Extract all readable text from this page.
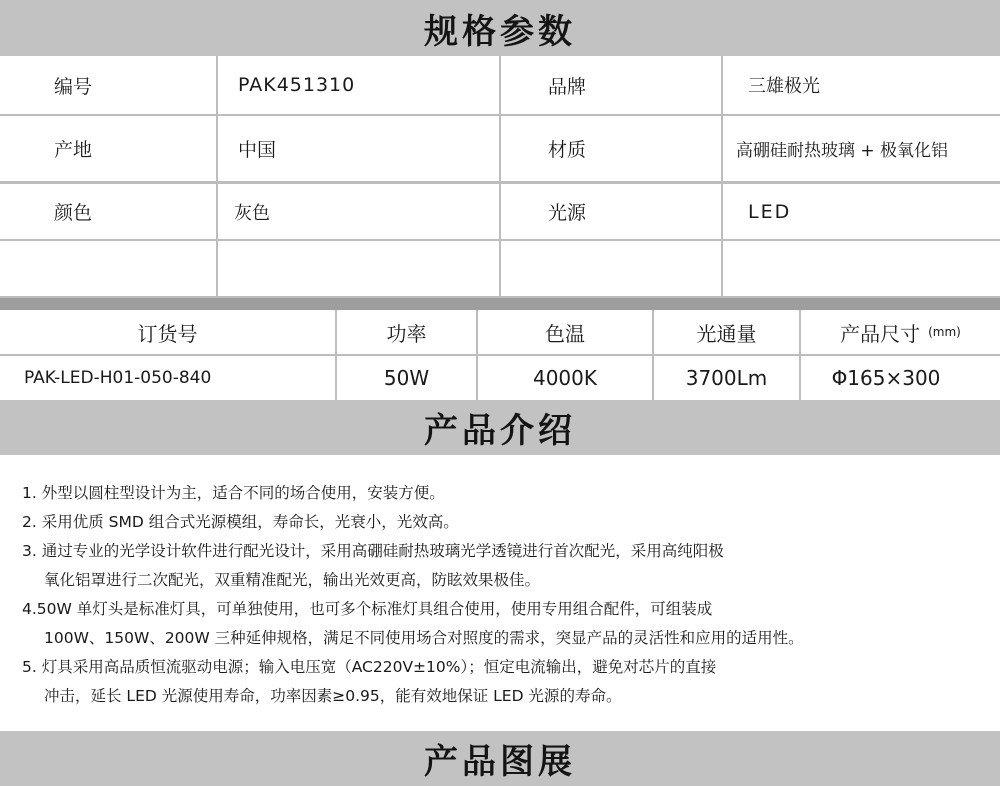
规格参数
编号	PAK451310	品牌	三雄极光
产地	中国	材质	高硼硅耐热玻璃 + 极氧化铝
颜色	灰色	光源	LED
订货号	功率	色温	光通量	产品尺寸 (mm)
PAK-LED-H01-050-840	50W	4000K	3700Lm	Φ165×300
产品介绍
1. 外型以圆柱型设计为主，适合不同的场合使用，安装方便。
2. 采用优质 SMD 组合式光源模组，寿命长，光衰小，光效高。
3. 通过专业的光学设计软件进行配光设计，采用高硼硅耐热玻璃光学透镜进行首次配光，采用高纯阳极
氧化铝罩进行二次配光，双重精准配光，输出光效更高，防眩效果极佳。
4.50W 单灯头是标准灯具，可单独使用，也可多个标准灯具组合使用，使用专用组合配件，可组装成
100W、150W、200W 三种延伸规格，满足不同使用场合对照度的需求，突显产品的灵活性和应用的适用性。
5. 灯具采用高品质恒流驱动电源；输入电压宽（AC220V±10%）；恒定电流输出，避免对芯片的直接
冲击，延长 LED 光源使用寿命，功率因素≥0.95，能有效地保证 LED 光源的寿命。
产品图展
